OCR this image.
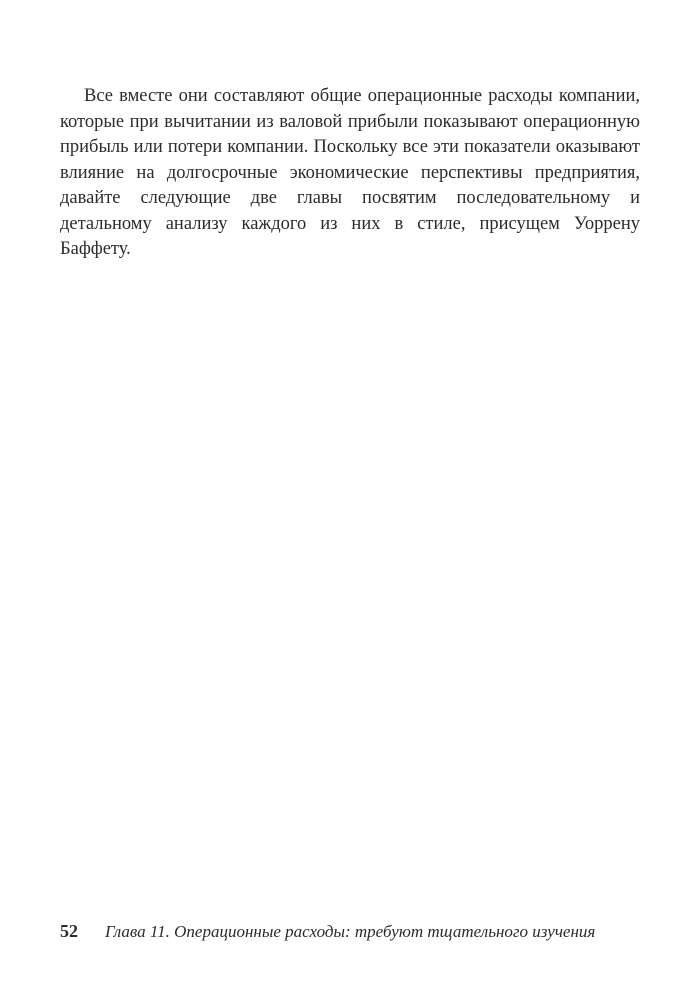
Все вместе они составляют общие операционные расходы компании, которые при вычитании из валовой прибыли показывают операционную прибыль или потери компании. Поскольку все эти показатели оказывают влияние на долгосрочные экономические перспективы предприятия, давайте следующие две главы посвятим последовательному и детальному анализу каждого из них в стиле, присущем Уоррену Баффету.

52	Глава 11. Операционные расходы: требуют тщательного изучения
